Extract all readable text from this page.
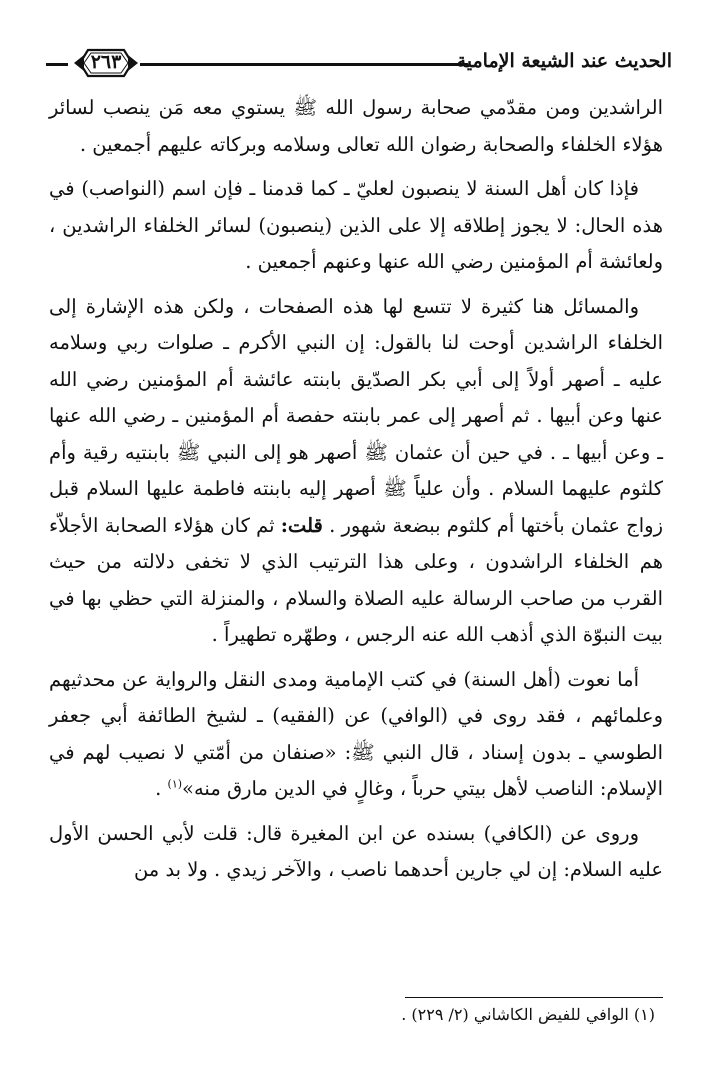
الحديث عند الشيعة الإمامية
٢٦٣

الراشدين ومن مقدّمي صحابة رسول الله ﷺ يستوي معه مَن ينصب لسائر هؤلاء الخلفاء والصحابة رضوان الله تعالى وسلامه وبركاته عليهم أجمعين .

فإذا كان أهل السنة لا ينصبون لعليّ ـ كما قدمنا ـ فإن اسم (النواصب) في هذه الحال: لا يجوز إطلاقه إلا على الذين (ينصبون) لسائر الخلفاء الراشدين ، ولعائشة أم المؤمنين رضي الله عنها وعنهم أجمعين .

والمسائل هنا كثيرة لا تتسع لها هذه الصفحات ، ولكن هذه الإشارة إلى الخلفاء الراشدين أوحت لنا بالقول: إن النبي الأكرم ـ صلوات ربي وسلامه عليه ـ أصهر أولاً إلى أبي بكر الصدّيق بابنته عائشة أم المؤمنين رضي الله عنها وعن أبيها . ثم أصهر إلى عمر بابنته حفصة أم المؤمنين ـ رضي الله عنها ـ وعن أبيها ـ . في حين أن عثمان ﷺ أصهر هو إلى النبي ﷺ بابنتيه رقية وأم كلثوم عليهما السلام . وأن علياً ﷺ أصهر إليه بابنته فاطمة عليها السلام قبل زواج عثمان بأختها أم كلثوم ببضعة شهور . قلت: ثم كان هؤلاء الصحابة الأجلاّء هم الخلفاء الراشدون ، وعلى هذا الترتيب الذي لا تخفى دلالته من حيث القرب من صاحب الرسالة عليه الصلاة والسلام ، والمنزلة التي حظي بها في بيت النبوّة الذي أذهب الله عنه الرجس ، وطهّره تطهيراً .

أما نعوت (أهل السنة) في كتب الإمامية ومدى النقل والرواية عن محدثيهم وعلمائهم ، فقد روى في (الوافي) عن (الفقيه) ـ لشيخ الطائفة أبي جعفر الطوسي ـ بدون إسناد ، قال النبي ﷺ: «صنفان من أمّتي لا نصيب لهم في الإسلام: الناصب لأهل بيتي حرباً ، وغالٍ في الدين مارق منه»$^{(١)}$ .

وروى عن (الكافي) بسنده عن ابن المغيرة قال: قلت لأبي الحسن الأول عليه السلام: إن لي جارين أحدهما ناصب ، والآخر زيدي . ولا بد من

(١) الوافي للفيض الكاشاني (٢/ ٢٢٩) .
